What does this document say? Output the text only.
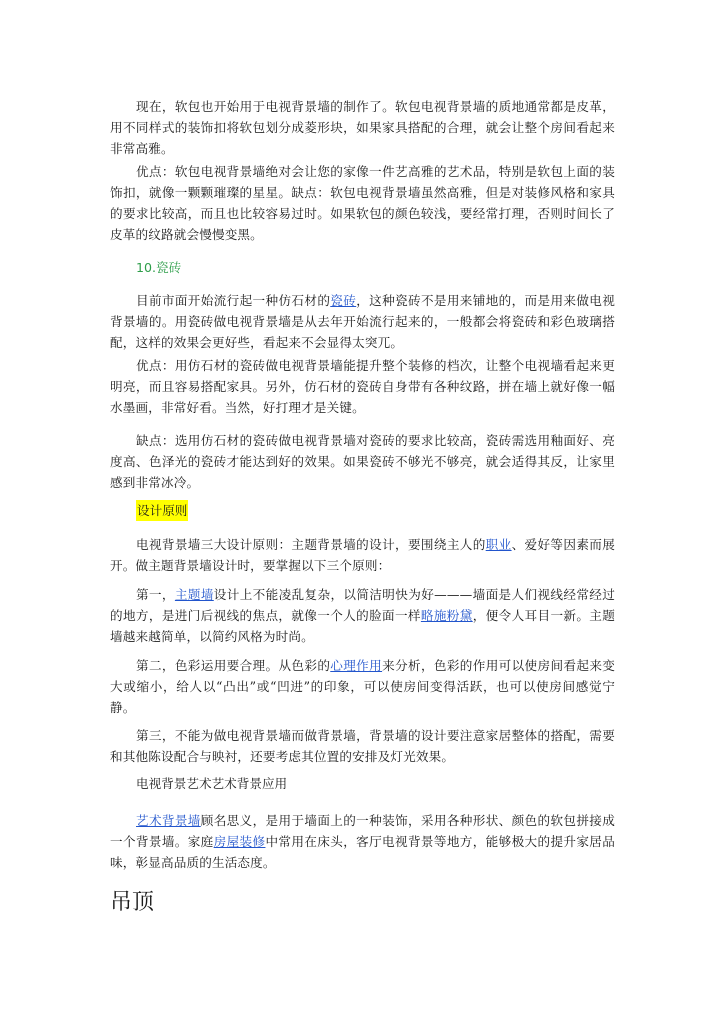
现在，软包也开始用于电视背景墙的制作了。软包电视背景墙的质地通常都是皮革，用不同样式的装饰扣将软包划分成菱形块，如果家具搭配的合理，就会让整个房间看起来非常高雅。

优点：软包电视背景墙绝对会让您的家像一件艺高雅的艺术品，特别是软包上面的装饰扣，就像一颗颗璀璨的星星。缺点：软包电视背景墙虽然高雅，但是对装修风格和家具的要求比较高，而且也比较容易过时。如果软包的颜色较浅，要经常打理，否则时间长了皮革的纹路就会慢慢变黑。

10.瓷砖

目前市面开始流行起一种仿石材的瓷砖，这种瓷砖不是用来铺地的，而是用来做电视背景墙的。用瓷砖做电视背景墙是从去年开始流行起来的，一般都会将瓷砖和彩色玻璃搭配，这样的效果会更好些，看起来不会显得太突兀。

优点：用仿石材的瓷砖做电视背景墙能提升整个装修的档次，让整个电视墙看起来更明亮，而且容易搭配家具。另外，仿石材的瓷砖自身带有各种纹路，拼在墙上就好像一幅水墨画，非常好看。当然，好打理才是关键。

缺点：选用仿石材的瓷砖做电视背景墙对瓷砖的要求比较高，瓷砖需选用釉面好、亮度高、色泽光的瓷砖才能达到好的效果。如果瓷砖不够光不够亮，就会适得其反，让家里感到非常冰冷。

设计原则

电视背景墙三大设计原则：主题背景墙的设计，要围绕主人的职业、爱好等因素而展开。做主题背景墙设计时，要掌握以下三个原则：

第一，主题墙设计上不能凌乱复杂，以简洁明快为好———墙面是人们视线经常经过的地方，是进门后视线的焦点，就像一个人的脸面一样略施粉黛，便令人耳目一新。主题墙越来越简单，以简约风格为时尚。

第二，色彩运用要合理。从色彩的心理作用来分析，色彩的作用可以使房间看起来变大或缩小，给人以“凸出”或“凹进”的印象，可以使房间变得活跃，也可以使房间感觉宁静。

第三，不能为做电视背景墙而做背景墙，背景墙的设计要注意家居整体的搭配，需要和其他陈设配合与映衬，还要考虑其位置的安排及灯光效果。

电视背景艺术艺术背景应用

艺术背景墙顾名思义，是用于墙面上的一种装饰，采用各种形状、颜色的软包拼接成一个背景墙。家庭房屋装修中常用在床头，客厅电视背景等地方，能够极大的提升家居品味，彰显高品质的生活态度。

吊顶
